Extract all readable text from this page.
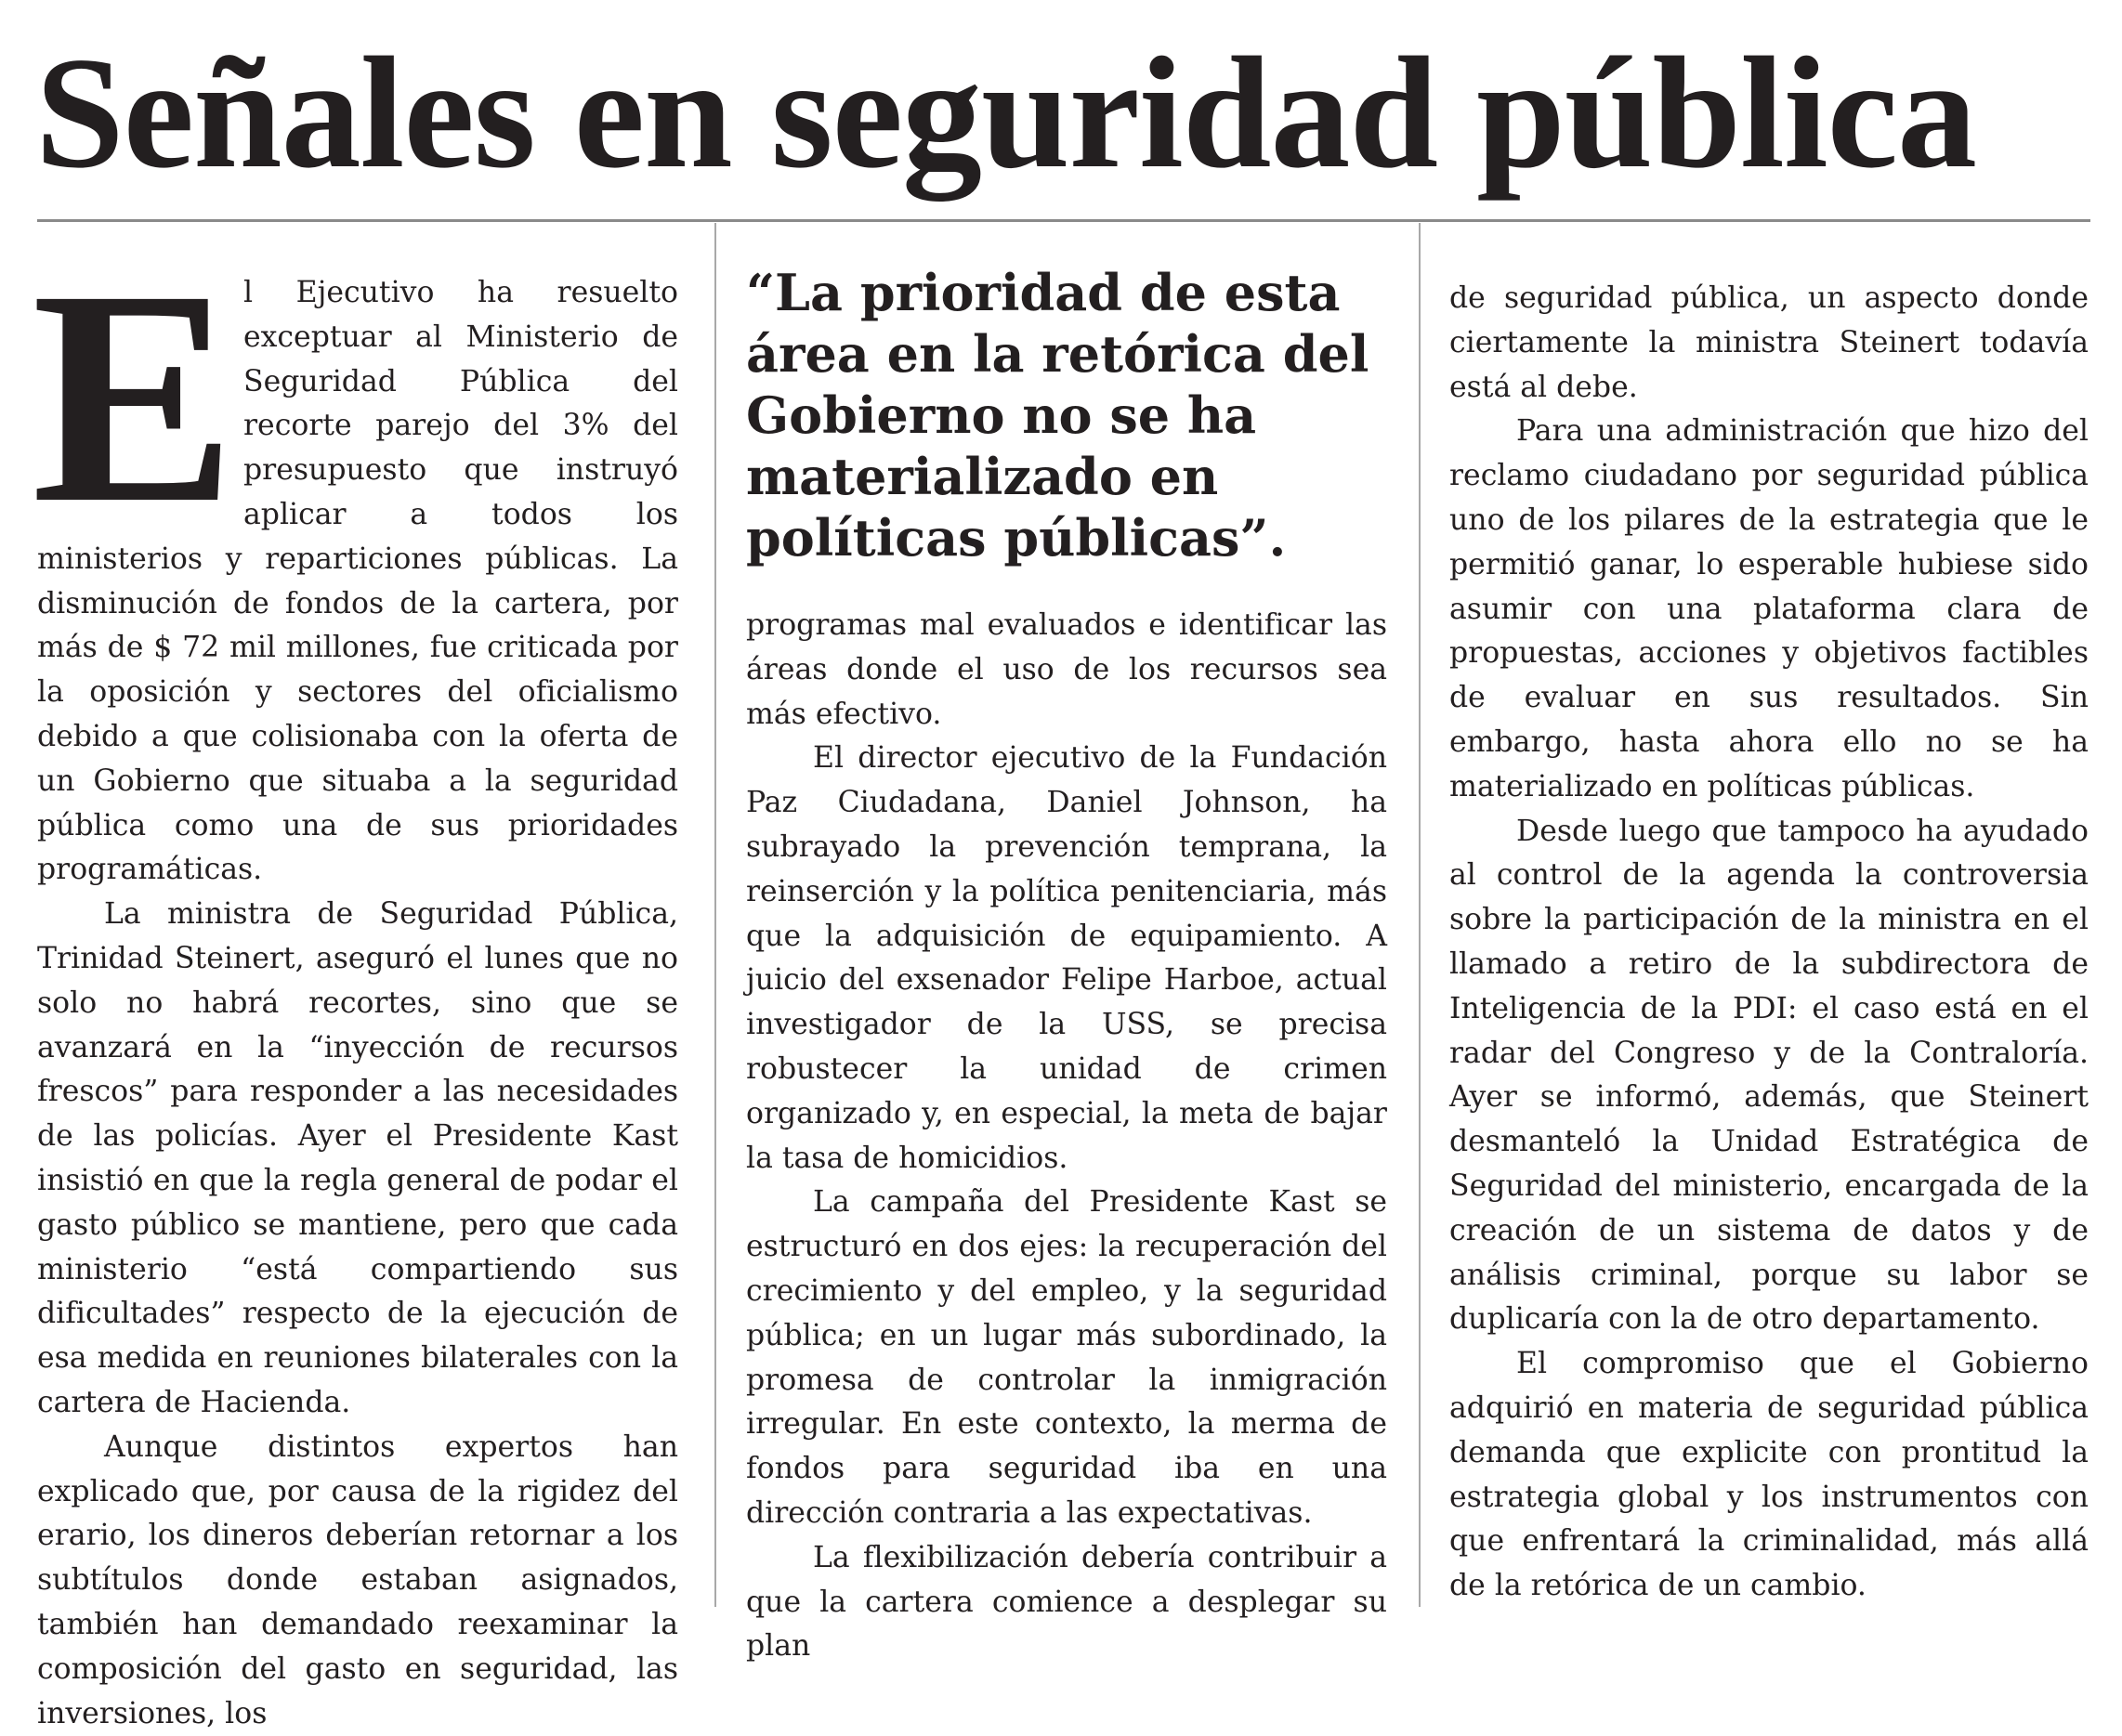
Señales en seguridad pública

El Ejecutivo ha resuelto exceptuar al Ministerio de Seguridad Pública del recorte parejo del 3% del presupuesto que instruyó aplicar a todos los ministerios y reparticiones públicas. La disminución de fondos de la cartera, por más de $ 72 mil millones, fue criticada por la oposición y sectores del oficialismo debido a que colisionaba con la oferta de un Gobierno que situaba a la seguridad pública como una de sus prioridades programáticas.

La ministra de Seguridad Pública, Trinidad Steinert, aseguró el lunes que no solo no habrá recortes, sino que se avanzará en la “inyección de recursos frescos” para responder a las necesidades de las policías. Ayer el Presidente Kast insistió en que la regla general de podar el gasto público se mantiene, pero que cada ministerio “está compartiendo sus dificultades” respecto de la ejecución de esa medida en reuniones bilaterales con la cartera de Hacienda.

Aunque distintos expertos han explicado que, por causa de la rigidez del erario, los dineros deberían retornar a los subtítulos donde estaban asignados, también han demandado reexaminar la composición del gasto en seguridad, las inversiones, los

“La prioridad de esta área en la retórica del Gobierno no se ha materializado en políticas públicas”.

programas mal evaluados e identificar las áreas donde el uso de los recursos sea más efectivo.

El director ejecutivo de la Fundación Paz Ciudadana, Daniel Johnson, ha subrayado la prevención temprana, la reinserción y la política penitenciaria, más que la adquisición de equipamiento. A juicio del exsenador Felipe Harboe, actual investigador de la USS, se precisa robustecer la unidad de crimen organizado y, en especial, la meta de bajar la tasa de homicidios.

La campaña del Presidente Kast se estructuró en dos ejes: la recuperación del crecimiento y del empleo, y la seguridad pública; en un lugar más subordinado, la promesa de controlar la inmigración irregular. En este contexto, la merma de fondos para seguridad iba en una dirección contraria a las expectativas.

La flexibilización debería contribuir a que la cartera comience a desplegar su plan

de seguridad pública, un aspecto donde ciertamente la ministra Steinert todavía está al debe.

Para una administración que hizo del reclamo ciudadano por seguridad pública uno de los pilares de la estrategia que le permitió ganar, lo esperable hubiese sido asumir con una plataforma clara de propuestas, acciones y objetivos factibles de evaluar en sus resultados. Sin embargo, hasta ahora ello no se ha materializado en políticas públicas.

Desde luego que tampoco ha ayudado al control de la agenda la controversia sobre la participación de la ministra en el llamado a retiro de la subdirectora de Inteligencia de la PDI: el caso está en el radar del Congreso y de la Contraloría. Ayer se informó, además, que Steinert desmanteló la Unidad Estratégica de Seguridad del ministerio, encargada de la creación de un sistema de datos y de análisis criminal, porque su labor se duplicaría con la de otro departamento.

El compromiso que el Gobierno adquirió en materia de seguridad pública demanda que explicite con prontitud la estrategia global y los instrumentos con que enfrentará la criminalidad, más allá de la retórica de un cambio.
